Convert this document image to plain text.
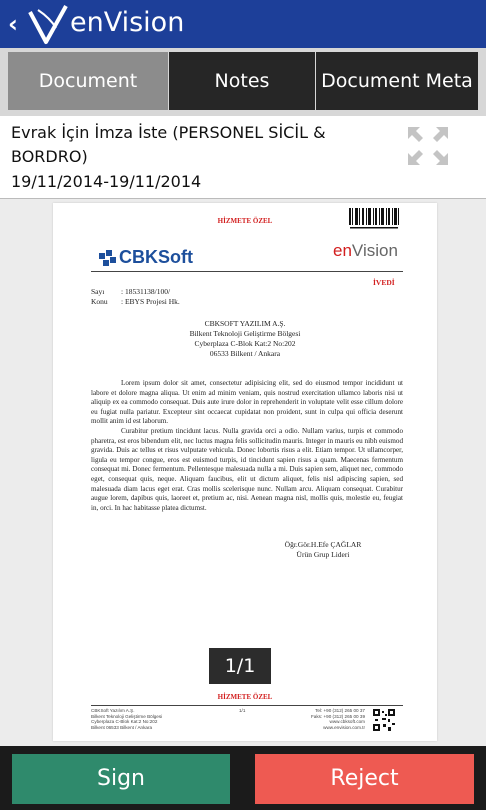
‹ enVision
Document	Notes	Document Meta
Evrak İçin İmza İste (PERSONEL SİCİL & BORDRO)
19/11/2014-19/11/2014
HİZMETE ÖZEL
CBKSoft	enVision
İVEDİ
Sayı : 18531138/100/
Konu : EBYS Projesi Hk.
CBKSOFT YAZILIM A.Ş.
Bilkent Teknoloji Geliştirme Bölgesi
Cyberplaza C-Blok Kat:2 No:202
06533 Bilkent / Ankara

Lorem ipsum dolor sit amet, consectetur adipisicing elit, sed do eiusmod tempor incididunt ut labore et dolore magna aliqua. Ut enim ad minim veniam, quis nostrud exercitation ullamco laboris nisi ut aliquip ex ea commodo consequat. Duis aute irure dolor in reprehenderit in voluptate velit esse cillum dolore eu fugiat nulla pariatur. Excepteur sint occaecat cupidatat non proident, sunt in culpa qui officia deserunt mollit anim id est laborum.

Curabitur pretium tincidunt lacus. Nulla gravida orci a odio. Nullam varius, turpis et commodo pharetra, est eros bibendum elit, nec luctus magna felis sollicitudin mauris. Integer in mauris eu nibh euismod gravida. Duis ac tellus et risus vulputate vehicula. Donec lobortis risus a elit. Etiam tempor. Ut ullamcorper, ligula eu tempor congue, eros est euismod turpis, id tincidunt sapien risus a quam. Maecenas fermentum consequat mi. Donec fermentum. Pellentesque malesuada nulla a mi. Duis sapien sem, aliquet nec, commodo eget, consequat quis, neque. Aliquam faucibus, elit ut dictum aliquet, felis nisl adipiscing sapien, sed malesuada diam lacus eget erat. Cras mollis scelerisque nunc. Nullam arcu. Aliquam consequat. Curabitur augue lorem, dapibus quis, laoreet et, pretium ac, nisi. Aenean magna nisl, mollis quis, molestie eu, feugiat in, orci. In hac habitasse platea dictumst.

Öğr.Gör.H.Efe ÇAĞLAR
Ürün Grup Lideri
HİZMETE ÖZEL
CBKSoft Yazılım A.Ş.
Bilkent Teknoloji Geliştirme Bölgesi
Cyberplaza C-Blok Kat:2 No:202
Bilkent 06533 Bilkent / Ankara
1/1	Tel: +90 (312) 265 00 37
Faks: +90 (312) 265 00 39
www.cbksoft.com
www.envision.com.tr
1/1
Sign	Reject
